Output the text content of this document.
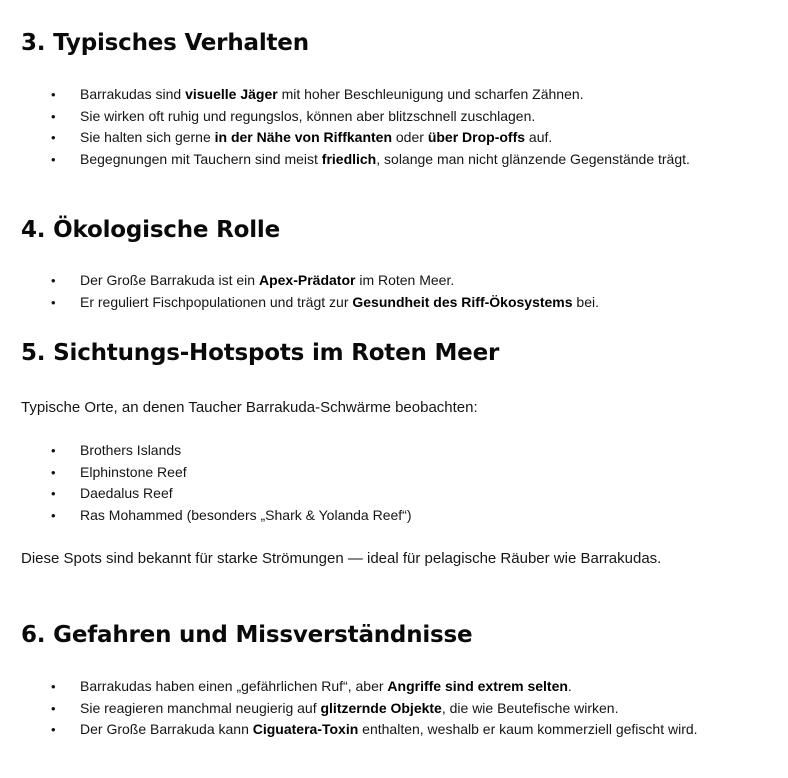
3. Typisches Verhalten
• Barrakudas sind visuelle Jäger mit hoher Beschleunigung und scharfen Zähnen.
• Sie wirken oft ruhig und regungslos, können aber blitzschnell zuschlagen.
• Sie halten sich gerne in der Nähe von Riffkanten oder über Drop-offs auf.
• Begegnungen mit Tauchern sind meist friedlich, solange man nicht glänzende Gegenstände trägt.
4. Ökologische Rolle
• Der Große Barrakuda ist ein Apex-Prädator im Roten Meer.
• Er reguliert Fischpopulationen und trägt zur Gesundheit des Riff-Ökosystems bei.
5. Sichtungs-Hotspots im Roten Meer

Typische Orte, an denen Taucher Barrakuda-Schwärme beobachten:

• Brothers Islands
• Elphinstone Reef
• Daedalus Reef
• Ras Mohammed (besonders „Shark & Yolanda Reef“)

Diese Spots sind bekannt für starke Strömungen — ideal für pelagische Räuber wie Barrakudas.

6. Gefahren und Missverständnisse
• Barrakudas haben einen „gefährlichen Ruf“, aber Angriffe sind extrem selten.
• Sie reagieren manchmal neugierig auf glitzernde Objekte, die wie Beutefische wirken.
• Der Große Barrakuda kann Ciguatera-Toxin enthalten, weshalb er kaum kommerziell gefischt wird.
